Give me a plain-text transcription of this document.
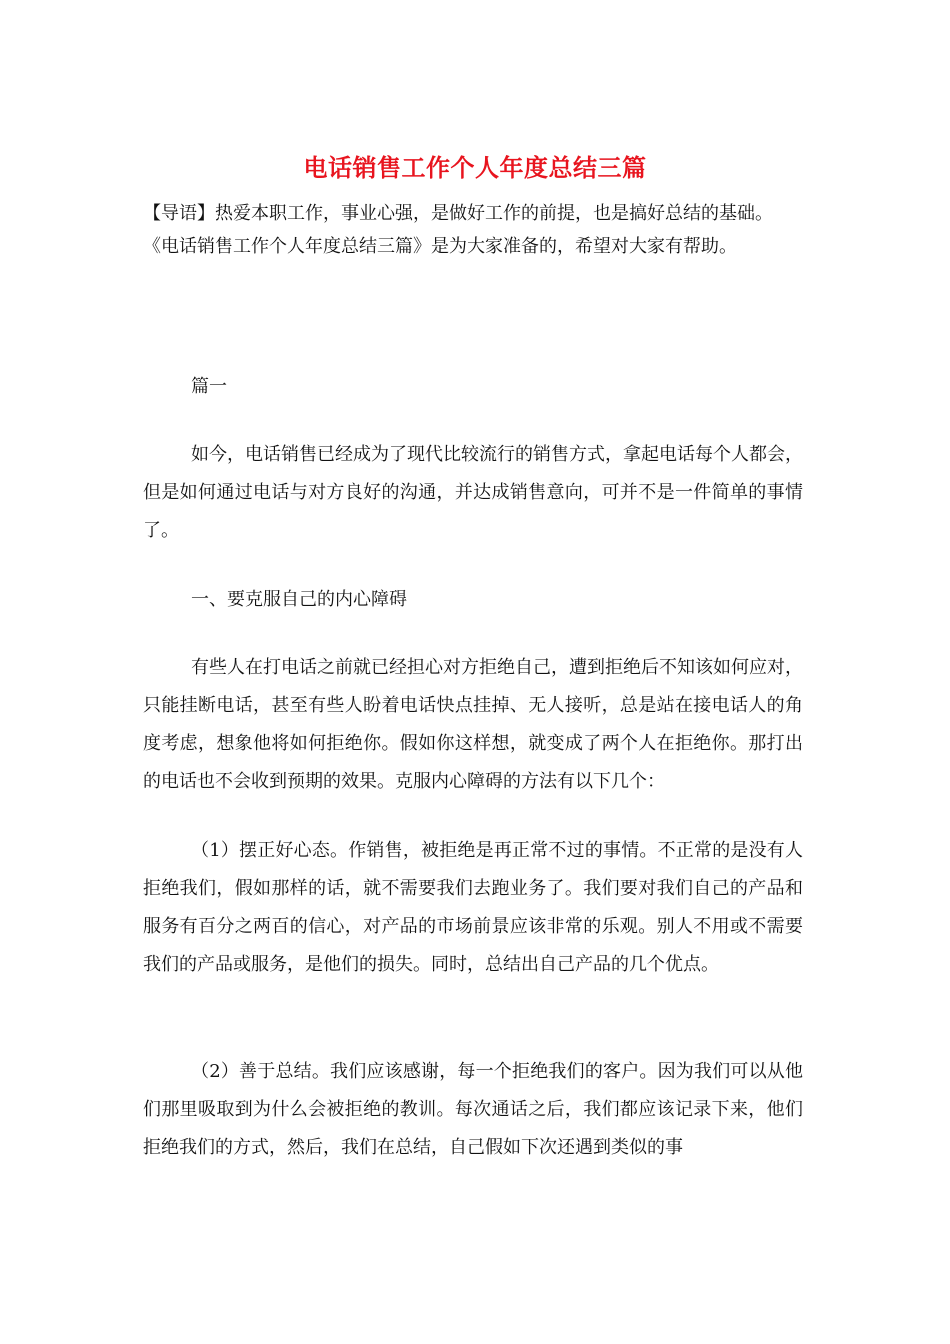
电话销售工作个人年度总结三篇
【导语】热爱本职工作，事业心强，是做好工作的前提，也是搞好总结的基础。
《电话销售工作个人年度总结三篇》是为大家准备的，希望对大家有帮助。

篇一

如今，电话销售已经成为了现代比较流行的销售方式，拿起电话每个人都会，但是如何通过电话与对方良好的沟通，并达成销售意向，可并不是一件简单的事情了。

一、要克服自己的内心障碍

有些人在打电话之前就已经担心对方拒绝自己，遭到拒绝后不知该如何应对，只能挂断电话，甚至有些人盼着电话快点挂掉、无人接听，总是站在接电话人的角度考虑，想象他将如何拒绝你。假如你这样想，就变成了两个人在拒绝你。那打出的电话也不会收到预期的效果。克服内心障碍的方法有以下几个：

（1）摆正好心态。作销售，被拒绝是再正常不过的事情。不正常的是没有人拒绝我们，假如那样的话，就不需要我们去跑业务了。我们要对我们自己的产品和服务有百分之两百的信心，对产品的市场前景应该非常的乐观。别人不用或不需要我们的产品或服务，是他们的损失。同时，总结出自己产品的几个优点。

（2）善于总结。我们应该感谢，每一个拒绝我们的客户。因为我们可以从他们那里吸取到为什么会被拒绝的教训。每次通话之后，我们都应该记录下来，他们拒绝我们的方式，然后，我们在总结，自己假如下次还遇到类似的事
